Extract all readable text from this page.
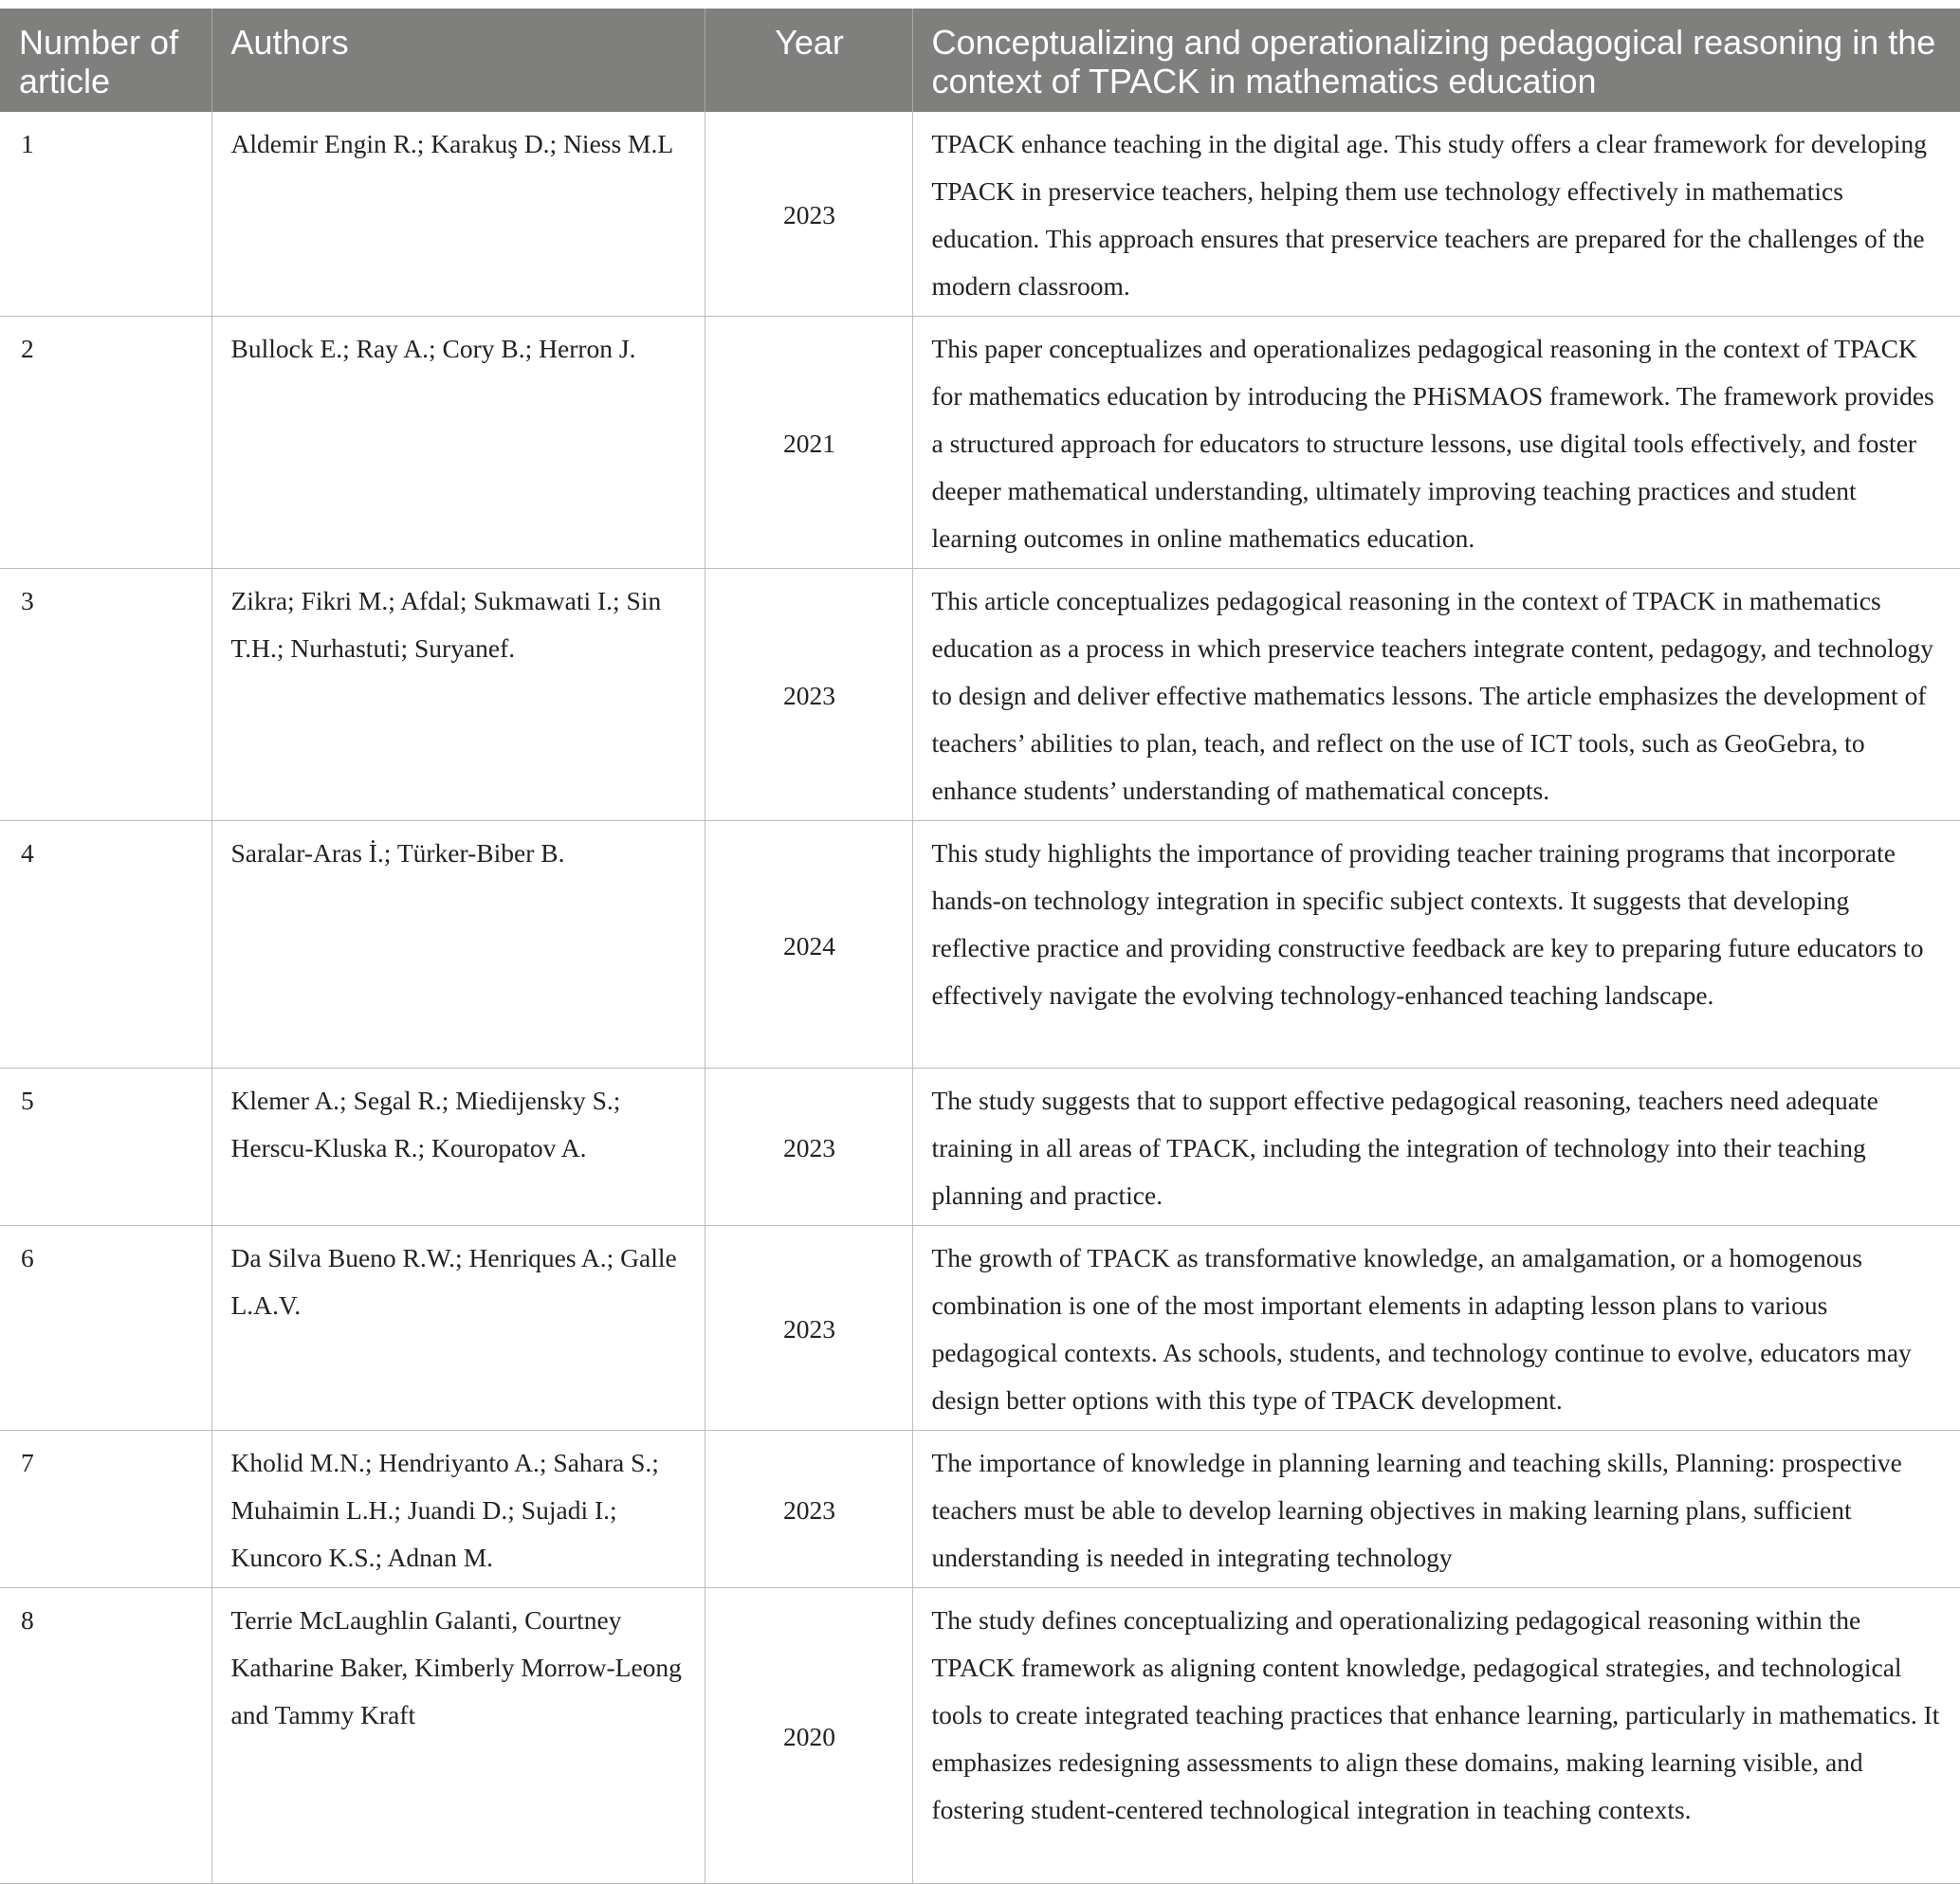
Number of article	Authors	Year	Conceptualizing and operationalizing pedagogical reasoning in the context of TPACK in mathematics education
1	Aldemir Engin R.; Karakuş D.; Niess M.L	2023	TPACK enhance teaching in the digital age. This study offers a clear framework for developing TPACK in preservice teachers, helping them use technology effectively in mathematics education. This approach ensures that preservice teachers are prepared for the challenges of the modern classroom.
2	Bullock E.; Ray A.; Cory B.; Herron J.	2021	This paper conceptualizes and operationalizes pedagogical reasoning in the context of TPACK for mathematics education by introducing the PHiSMAOS framework. The framework provides a structured approach for educators to structure lessons, use digital tools effectively, and foster deeper mathematical understanding, ultimately improving teaching practices and student learning outcomes in online mathematics education.
3	Zikra; Fikri M.; Afdal; Sukmawati I.; Sin T.H.; Nurhastuti; Suryanef.	2023	This article conceptualizes pedagogical reasoning in the context of TPACK in mathematics education as a process in which preservice teachers integrate content, pedagogy, and technology to design and deliver effective mathematics lessons. The article emphasizes the development of teachers’ abilities to plan, teach, and reflect on the use of ICT tools, such as GeoGebra, to enhance students’ understanding of mathematical concepts.
4	Saralar-Aras İ.; Türker-Biber B.	2024	This study highlights the importance of providing teacher training programs that incorporate hands-on technology integration in specific subject contexts. It suggests that developing reflective practice and providing constructive feedback are key to preparing future educators to effectively navigate the evolving technology-enhanced teaching landscape.
5	Klemer A.; Segal R.; Miedijensky S.; Herscu-Kluska R.; Kouropatov A.	2023	The study suggests that to support effective pedagogical reasoning, teachers need adequate training in all areas of TPACK, including the integration of technology into their teaching planning and practice.
6	Da Silva Bueno R.W.; Henriques A.; Galle L.A.V.	2023	The growth of TPACK as transformative knowledge, an amalgamation, or a homogenous combination is one of the most important elements in adapting lesson plans to various pedagogical contexts. As schools, students, and technology continue to evolve, educators may design better options with this type of TPACK development.
7	Kholid M.N.; Hendriyanto A.; Sahara S.; Muhaimin L.H.; Juandi D.; Sujadi I.; Kuncoro K.S.; Adnan M.	2023	The importance of knowledge in planning learning and teaching skills, Planning: prospective teachers must be able to develop learning objectives in making learning plans, sufficient understanding is needed in integrating technology
8	Terrie McLaughlin Galanti, Courtney Katharine Baker, Kimberly Morrow-Leong and Tammy Kraft	2020	The study defines conceptualizing and operationalizing pedagogical reasoning within the TPACK framework as aligning content knowledge, pedagogical strategies, and technological tools to create integrated teaching practices that enhance learning, particularly in mathematics. It emphasizes redesigning assessments to align these domains, making learning visible, and fostering student-centered technological integration in teaching contexts.
